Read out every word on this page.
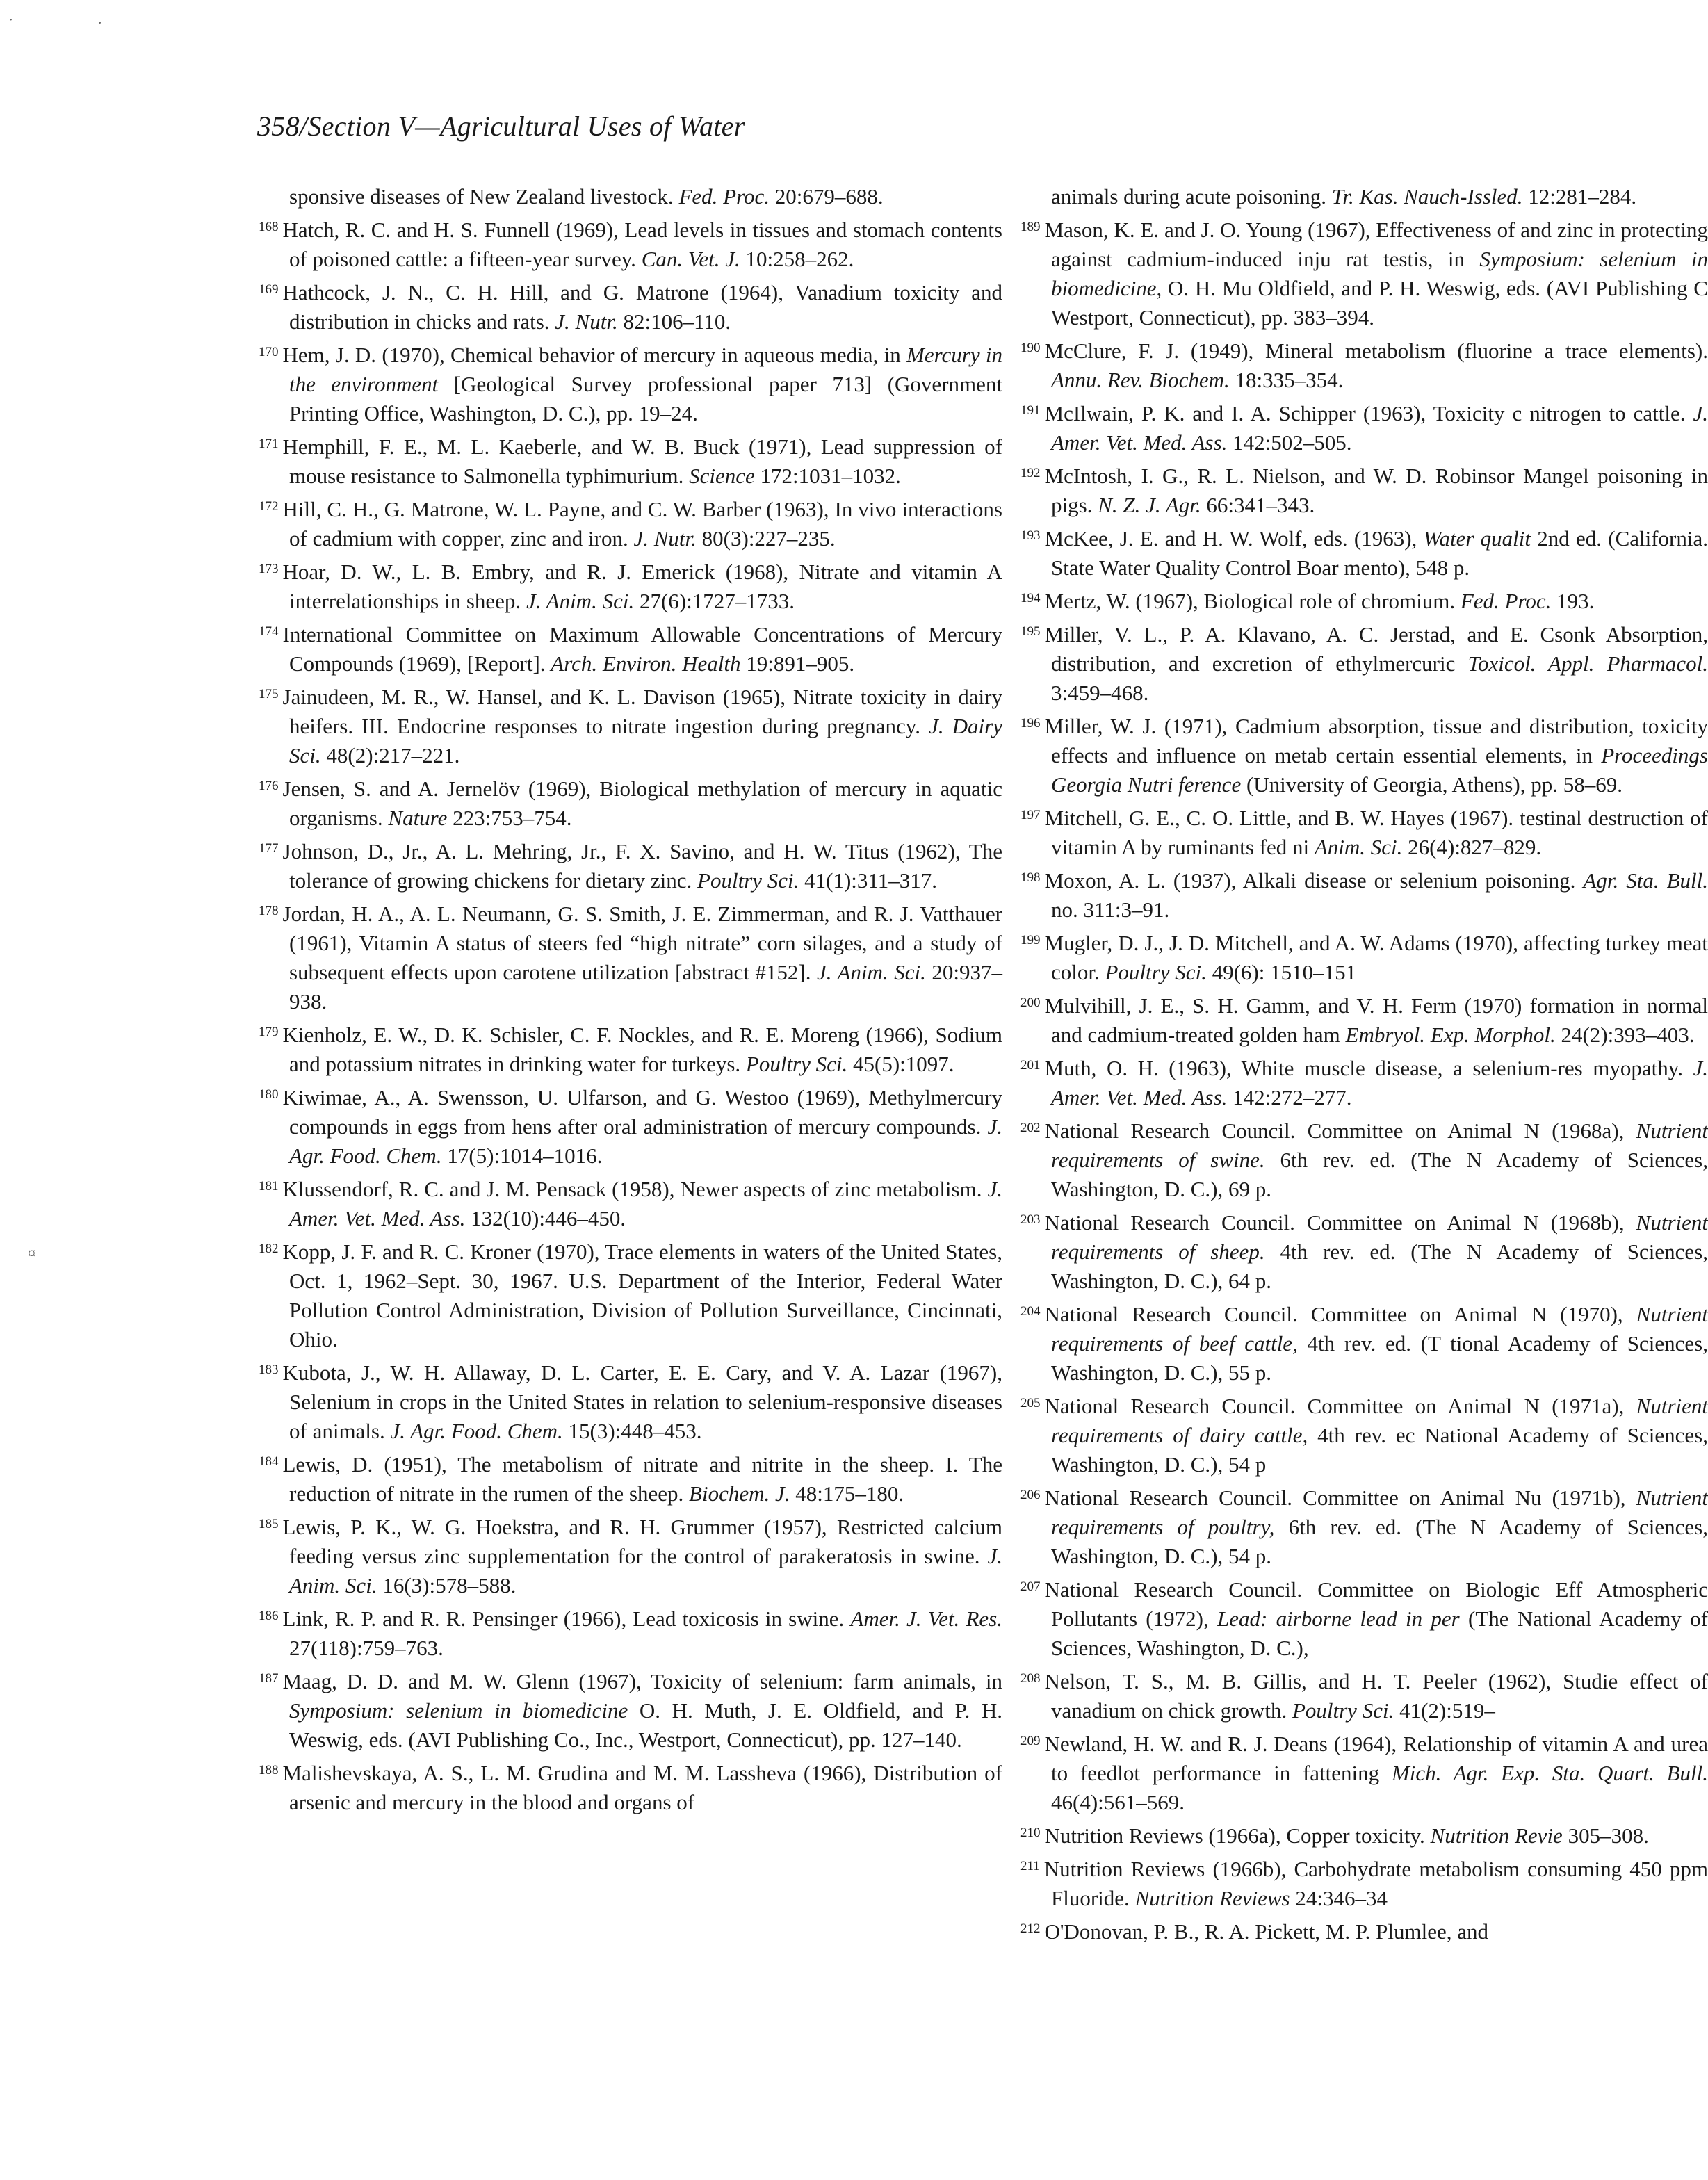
358/Section V—Agricultural Uses of Water
˙	·
¤

sponsive diseases of New Zealand livestock. Fed. Proc. 20:679–688.

168 Hatch, R. C. and H. S. Funnell (1969), Lead levels in tissues and stomach contents of poisoned cattle: a fifteen-year survey. Can. Vet. J. 10:258–262.

169 Hathcock, J. N., C. H. Hill, and G. Matrone (1964), Vanadium toxicity and distribution in chicks and rats. J. Nutr. 82:106–110.

170 Hem, J. D. (1970), Chemical behavior of mercury in aqueous media, in Mercury in the environment [Geological Survey professional paper 713] (Government Printing Office, Washington, D. C.), pp. 19–24.

171 Hemphill, F. E., M. L. Kaeberle, and W. B. Buck (1971), Lead suppression of mouse resistance to Salmonella typhimurium. Science 172:1031–1032.

172 Hill, C. H., G. Matrone, W. L. Payne, and C. W. Barber (1963), In vivo interactions of cadmium with copper, zinc and iron. J. Nutr. 80(3):227–235.

173 Hoar, D. W., L. B. Embry, and R. J. Emerick (1968), Nitrate and vitamin A interrelationships in sheep. J. Anim. Sci. 27(6):1727–1733.

174 International Committee on Maximum Allowable Concentrations of Mercury Compounds (1969), [Report]. Arch. Environ. Health 19:891–905.

175 Jainudeen, M. R., W. Hansel, and K. L. Davison (1965), Nitrate toxicity in dairy heifers. III. Endocrine responses to nitrate ingestion during pregnancy. J. Dairy Sci. 48(2):217–221.

176 Jensen, S. and A. Jernelöv (1969), Biological methylation of mercury in aquatic organisms. Nature 223:753–754.

177 Johnson, D., Jr., A. L. Mehring, Jr., F. X. Savino, and H. W. Titus (1962), The tolerance of growing chickens for dietary zinc. Poultry Sci. 41(1):311–317.

178 Jordan, H. A., A. L. Neumann, G. S. Smith, J. E. Zimmerman, and R. J. Vatthauer (1961), Vitamin A status of steers fed “high nitrate” corn silages, and a study of subsequent effects upon carotene utilization [abstract #152]. J. Anim. Sci. 20:937–938.

179 Kienholz, E. W., D. K. Schisler, C. F. Nockles, and R. E. Moreng (1966), Sodium and potassium nitrates in drinking water for turkeys. Poultry Sci. 45(5):1097.

180 Kiwimae, A., A. Swensson, U. Ulfarson, and G. Westoo (1969), Methylmercury compounds in eggs from hens after oral administration of mercury compounds. J. Agr. Food. Chem. 17(5):1014–1016.

181 Klussendorf, R. C. and J. M. Pensack (1958), Newer aspects of zinc metabolism. J. Amer. Vet. Med. Ass. 132(10):446–450.

182 Kopp, J. F. and R. C. Kroner (1970), Trace elements in waters of the United States, Oct. 1, 1962–Sept. 30, 1967. U.S. Department of the Interior, Federal Water Pollution Control Administration, Division of Pollution Surveillance, Cincinnati, Ohio.

183 Kubota, J., W. H. Allaway, D. L. Carter, E. E. Cary, and V. A. Lazar (1967), Selenium in crops in the United States in relation to selenium-responsive diseases of animals. J. Agr. Food. Chem. 15(3):448–453.

184 Lewis, D. (1951), The metabolism of nitrate and nitrite in the sheep. I. The reduction of nitrate in the rumen of the sheep. Biochem. J. 48:175–180.

185 Lewis, P. K., W. G. Hoekstra, and R. H. Grummer (1957), Restricted calcium feeding versus zinc supplementation for the control of parakeratosis in swine. J. Anim. Sci. 16(3):578–588.

186 Link, R. P. and R. R. Pensinger (1966), Lead toxicosis in swine. Amer. J. Vet. Res. 27(118):759–763.

187 Maag, D. D. and M. W. Glenn (1967), Toxicity of selenium: farm animals, in Symposium: selenium in biomedicine O. H. Muth, J. E. Oldfield, and P. H. Weswig, eds. (AVI Publishing Co., Inc., Westport, Connecticut), pp. 127–140.

188 Malishevskaya, A. S., L. M. Grudina and M. M. Lassheva (1966), Distribution of arsenic and mercury in the blood and organs of

animals during acute poisoning. Tr. Kas. Nauch-Issled. 12:281–284.

189 Mason, K. E. and J. O. Young (1967), Effectiveness of and zinc in protecting against cadmium-induced inju rat testis, in Symposium: selenium in biomedicine, O. H. Mu Oldfield, and P. H. Weswig, eds. (AVI Publishing C Westport, Connecticut), pp. 383–394.

190 McClure, F. J. (1949), Mineral metabolism (fluorine a trace elements). Annu. Rev. Biochem. 18:335–354.

191 McIlwain, P. K. and I. A. Schipper (1963), Toxicity c nitrogen to cattle. J. Amer. Vet. Med. Ass. 142:502–505.

192 McIntosh, I. G., R. L. Nielson, and W. D. Robinsor Mangel poisoning in pigs. N. Z. J. Agr. 66:341–343.

193 McKee, J. E. and H. W. Wolf, eds. (1963), Water qualit 2nd ed. (California. State Water Quality Control Boar mento), 548 p.

194 Mertz, W. (1967), Biological role of chromium. Fed. Proc. 193.

195 Miller, V. L., P. A. Klavano, A. C. Jerstad, and E. Csonk Absorption, distribution, and excretion of ethylmercuric Toxicol. Appl. Pharmacol. 3:459–468.

196 Miller, W. J. (1971), Cadmium absorption, tissue and distribution, toxicity effects and influence on metab certain essential elements, in Proceedings Georgia Nutri ference (University of Georgia, Athens), pp. 58–69.

197 Mitchell, G. E., C. O. Little, and B. W. Hayes (1967). testinal destruction of vitamin A by ruminants fed ni Anim. Sci. 26(4):827–829.

198 Moxon, A. L. (1937), Alkali disease or selenium poisoning. Agr. Sta. Bull. no. 311:3–91.

199 Mugler, D. J., J. D. Mitchell, and A. W. Adams (1970), affecting turkey meat color. Poultry Sci. 49(6): 1510–151

200 Mulvihill, J. E., S. H. Gamm, and V. H. Ferm (1970) formation in normal and cadmium-treated golden ham Embryol. Exp. Morphol. 24(2):393–403.

201 Muth, O. H. (1963), White muscle disease, a selenium-res myopathy. J. Amer. Vet. Med. Ass. 142:272–277.

202 National Research Council. Committee on Animal N (1968a), Nutrient requirements of swine. 6th rev. ed. (The N Academy of Sciences, Washington, D. C.), 69 p.

203 National Research Council. Committee on Animal N (1968b), Nutrient requirements of sheep. 4th rev. ed. (The N Academy of Sciences, Washington, D. C.), 64 p.

204 National Research Council. Committee on Animal N (1970), Nutrient requirements of beef cattle, 4th rev. ed. (T tional Academy of Sciences, Washington, D. C.), 55 p.

205 National Research Council. Committee on Animal N (1971a), Nutrient requirements of dairy cattle, 4th rev. ec National Academy of Sciences, Washington, D. C.), 54 p

206 National Research Council. Committee on Animal Nu (1971b), Nutrient requirements of poultry, 6th rev. ed. (The N Academy of Sciences, Washington, D. C.), 54 p.

207 National Research Council. Committee on Biologic Eff Atmospheric Pollutants (1972), Lead: airborne lead in per (The National Academy of Sciences, Washington, D. C.),

208 Nelson, T. S., M. B. Gillis, and H. T. Peeler (1962), Studie effect of vanadium on chick growth. Poultry Sci. 41(2):519–

209 Newland, H. W. and R. J. Deans (1964), Relationship of vitamin A and urea to feedlot performance in fattening Mich. Agr. Exp. Sta. Quart. Bull. 46(4):561–569.

210 Nutrition Reviews (1966a), Copper toxicity. Nutrition Revie 305–308.

211 Nutrition Reviews (1966b), Carbohydrate metabolism consuming 450 ppm Fluoride. Nutrition Reviews 24:346–34

212 O'Donovan, P. B., R. A. Pickett, M. P. Plumlee, and
